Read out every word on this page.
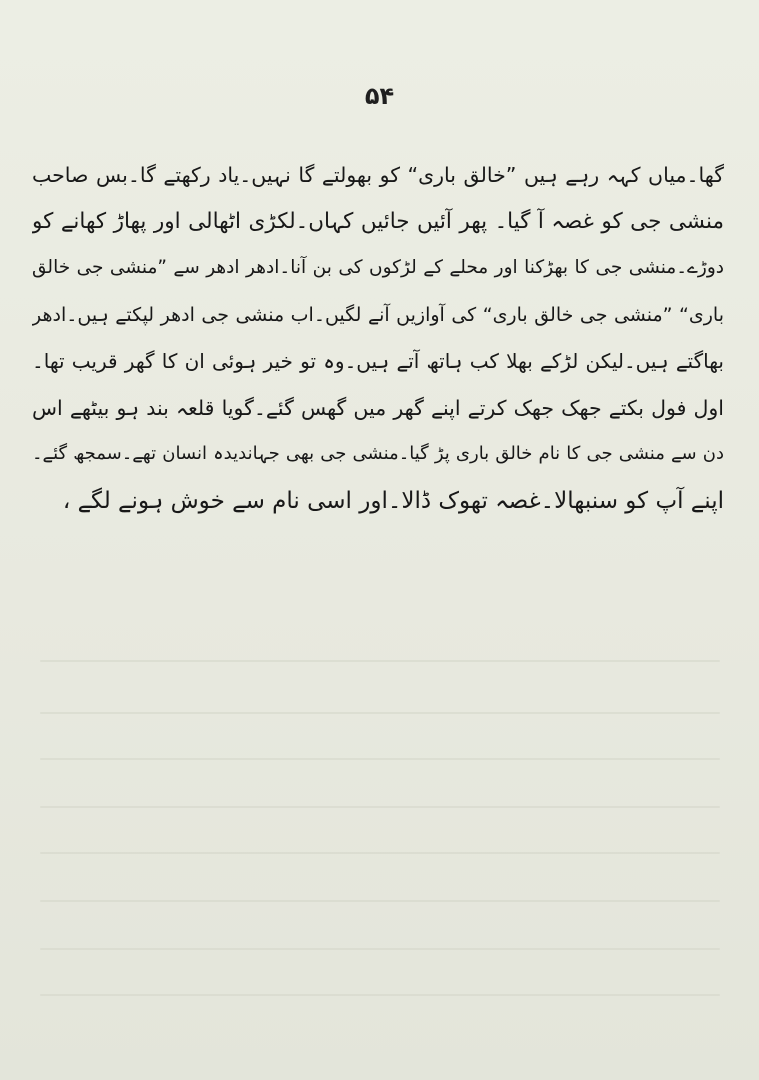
۵۴
گھا۔میاں کہہ رہے ہیں ”خالق باری“ کو بھولتے گا نہیں۔یاد رکھتے گا۔بس صاحب
منشی جی کو غصہ آ گیا۔ پھر آئیں جائیں کہاں۔لکڑی اٹھالی اور پھاڑ کھانے کو
دوڑے۔منشی جی کا بھڑکنا اور محلے کے لڑکوں کی بن آنا۔ادھر ادھر سے ”منشی جی خالق
باری“ ”منشی جی خالق باری“ کی آوازیں آنے لگیں۔اب منشی جی ادھر لپکتے ہیں۔ادھر
بھاگتے ہیں۔لیکن لڑکے بھلا کب ہاتھ آتے ہیں۔وہ تو خیر ہوئی ان کا گھر قریب تھا۔
اول فول بکتے جھک جھک کرتے اپنے گھر میں گھس گئے۔گویا قلعہ بند ہو بیٹھے اس
دن سے منشی جی کا نام خالق باری پڑ گیا۔منشی جی بھی جہاندیدہ انسان تھے۔سمجھ گئے۔
اپنے آپ کو سنبھالا۔غصہ تھوک ڈالا۔اور اسی نام سے خوش ہونے لگے ،
